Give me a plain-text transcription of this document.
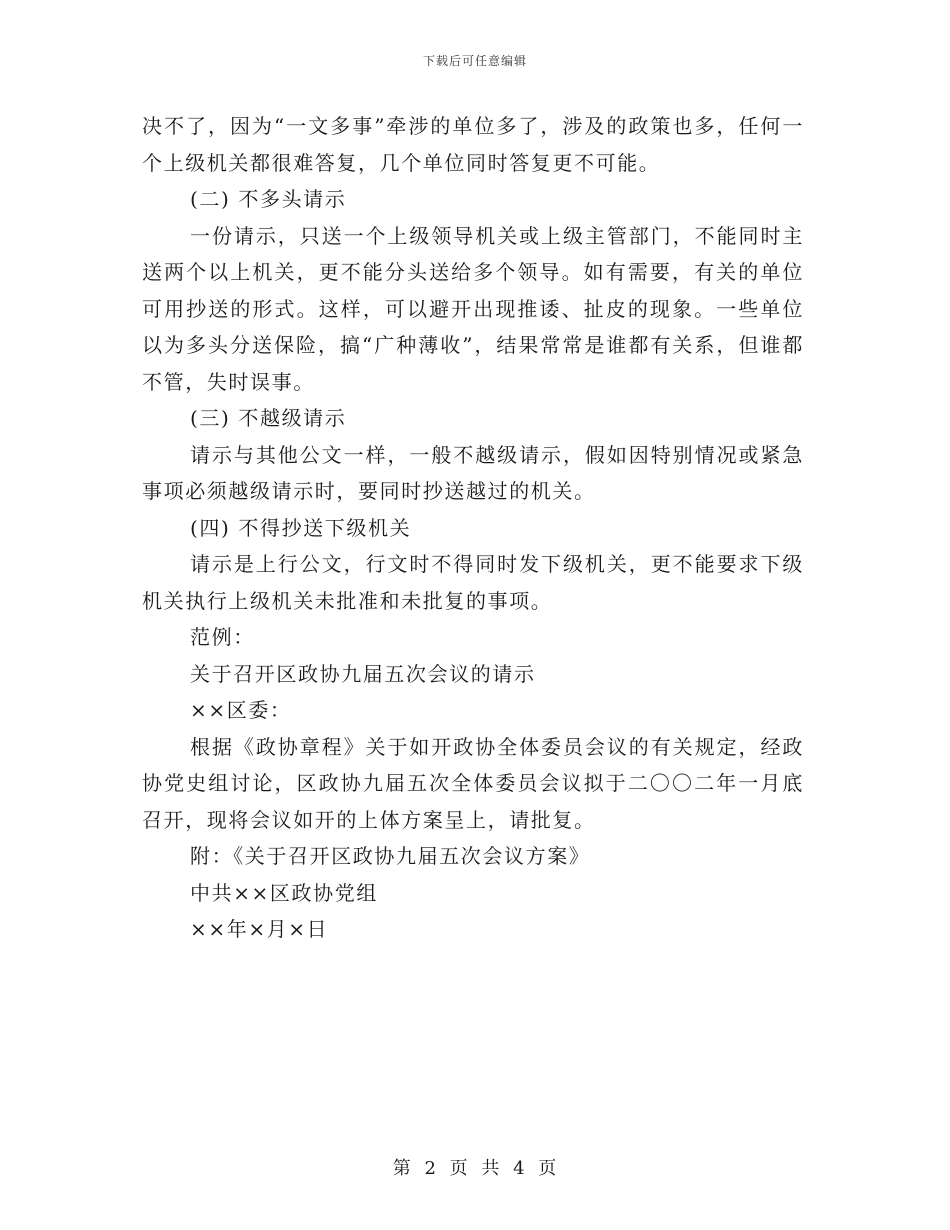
下载后可任意编辑

决不了，因为“一文多事”牵涉的单位多了，涉及的政策也多，任何一个上级机关都很难答复，几个单位同时答复更不可能。

(二) 不多头请示

一份请示，只送一个上级领导机关或上级主管部门，不能同时主送两个以上机关，更不能分头送给多个领导。如有需要，有关的单位可用抄送的形式。这样，可以避开出现推诿、扯皮的现象。一些单位以为多头分送保险，搞“广种薄收”，结果常常是谁都有关系，但谁都不管，失时误事。

(三) 不越级请示

请示与其他公文一样，一般不越级请示，假如因特别情况或紧急事项必须越级请示时，要同时抄送越过的机关。

(四) 不得抄送下级机关

请示是上行公文，行文时不得同时发下级机关，更不能要求下级机关执行上级机关未批准和未批复的事项。

范例：

关于召开区政协九届五次会议的请示

××区委：

根据《政协章程》关于如开政协全体委员会议的有关规定，经政协党史组讨论，区政协九届五次全体委员会议拟于二〇〇二年一月底召开，现将会议如开的上体方案呈上，请批复。

附：《关于召开区政协九届五次会议方案》

中共××区政协党组

××年×月×日

第 2 页 共 4 页
